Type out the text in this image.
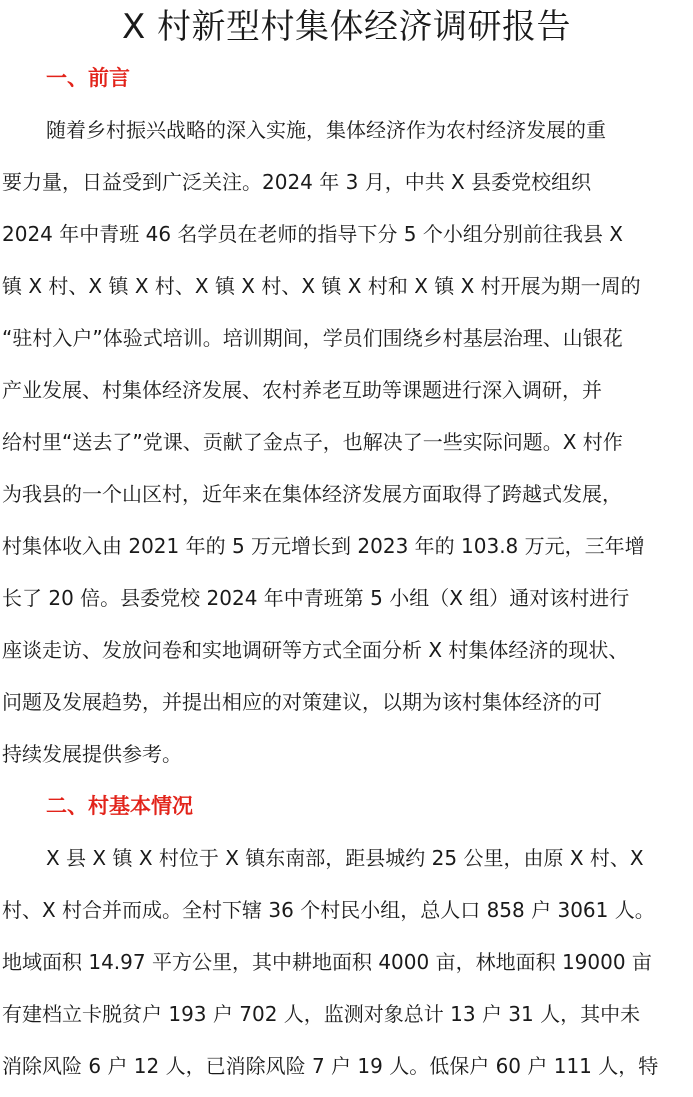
X 村新型村集体经济调研报告
一、前言

随着乡村振兴战略的深入实施，集体经济作为农村经济发展的重

要力量，日益受到广泛关注。2024 年 3 月，中共 X 县委党校组织

2024 年中青班 46 名学员在老师的指导下分 5 个小组分别前往我县 X

镇 X 村、X 镇 X 村、X 镇 X 村、X 镇 X 村和 X 镇 X 村开展为期一周的

“驻村入户”体验式培训。培训期间，学员们围绕乡村基层治理、山银花

产业发展、村集体经济发展、农村养老互助等课题进行深入调研，并

给村里“送去了”党课、贡献了金点子，也解决了一些实际问题。X 村作

为我县的一个山区村，近年来在集体经济发展方面取得了跨越式发展，

村集体收入由 2021 年的 5 万元增长到 2023 年的 103.8 万元，三年增

长了 20 倍。县委党校 2024 年中青班第 5 小组（X 组）通对该村进行

座谈走访、发放问卷和实地调研等方式全面分析 X 村集体经济的现状、

问题及发展趋势，并提出相应的对策建议，以期为该村集体经济的可

持续发展提供参考。

二、村基本情况

X 县 X 镇 X 村位于 X 镇东南部，距县城约 25 公里，由原 X 村、X

村、X 村合并而成。全村下辖 36 个村民小组，总人口 858 户 3061 人。

地域面积 14.97 平方公里，其中耕地面积 4000 亩，林地面积 19000 亩

有建档立卡脱贫户 193 户 702 人，监测对象总计 13 户 31 人，其中未

消除风险 6 户 12 人，已消除风险 7 户 19 人。低保户 60 户 111 人，特
